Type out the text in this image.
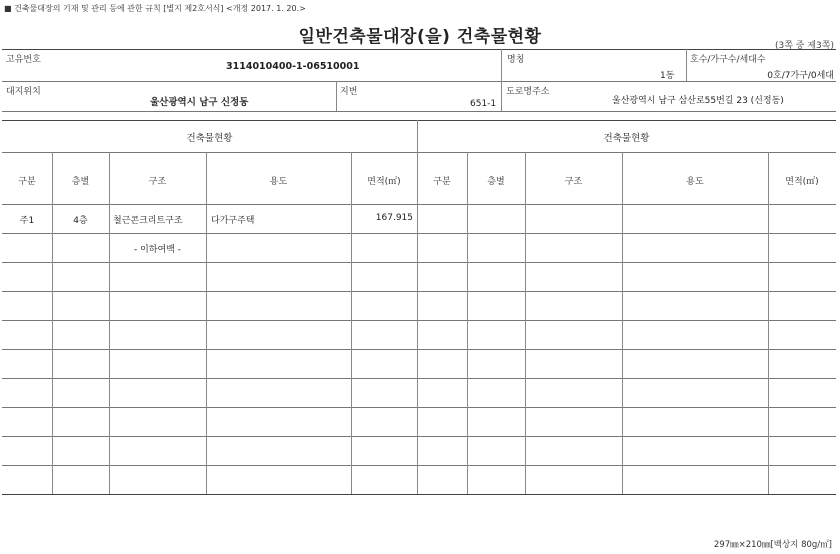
■ 건축물대장의 기재 및 관리 등에 관한 규칙 [별지 제2호서식] <개정 2017. 1. 20.>
일반건축물대장(을) 건축물현황	(3쪽 중 제3쪽)
고유번호
3114010400-1-06510001
명칭
1동
호수/가구수/세대수
0호/7가구/0세대
대지위치
울산광역시 남구 신정동
지번
651-1
도로명주소
울산광역시 남구 삼산로55번길 23 (신정동)
건축물현황	건축물현황
구분	층별	구조	용도	면적(㎡)	구분	층별	구조	용도	면적(㎡)
주1	4층	철근콘크리트구조	다가구주택	167.915
- 이하여백 -
297㎜×210㎜[백상지 80g/㎡]
